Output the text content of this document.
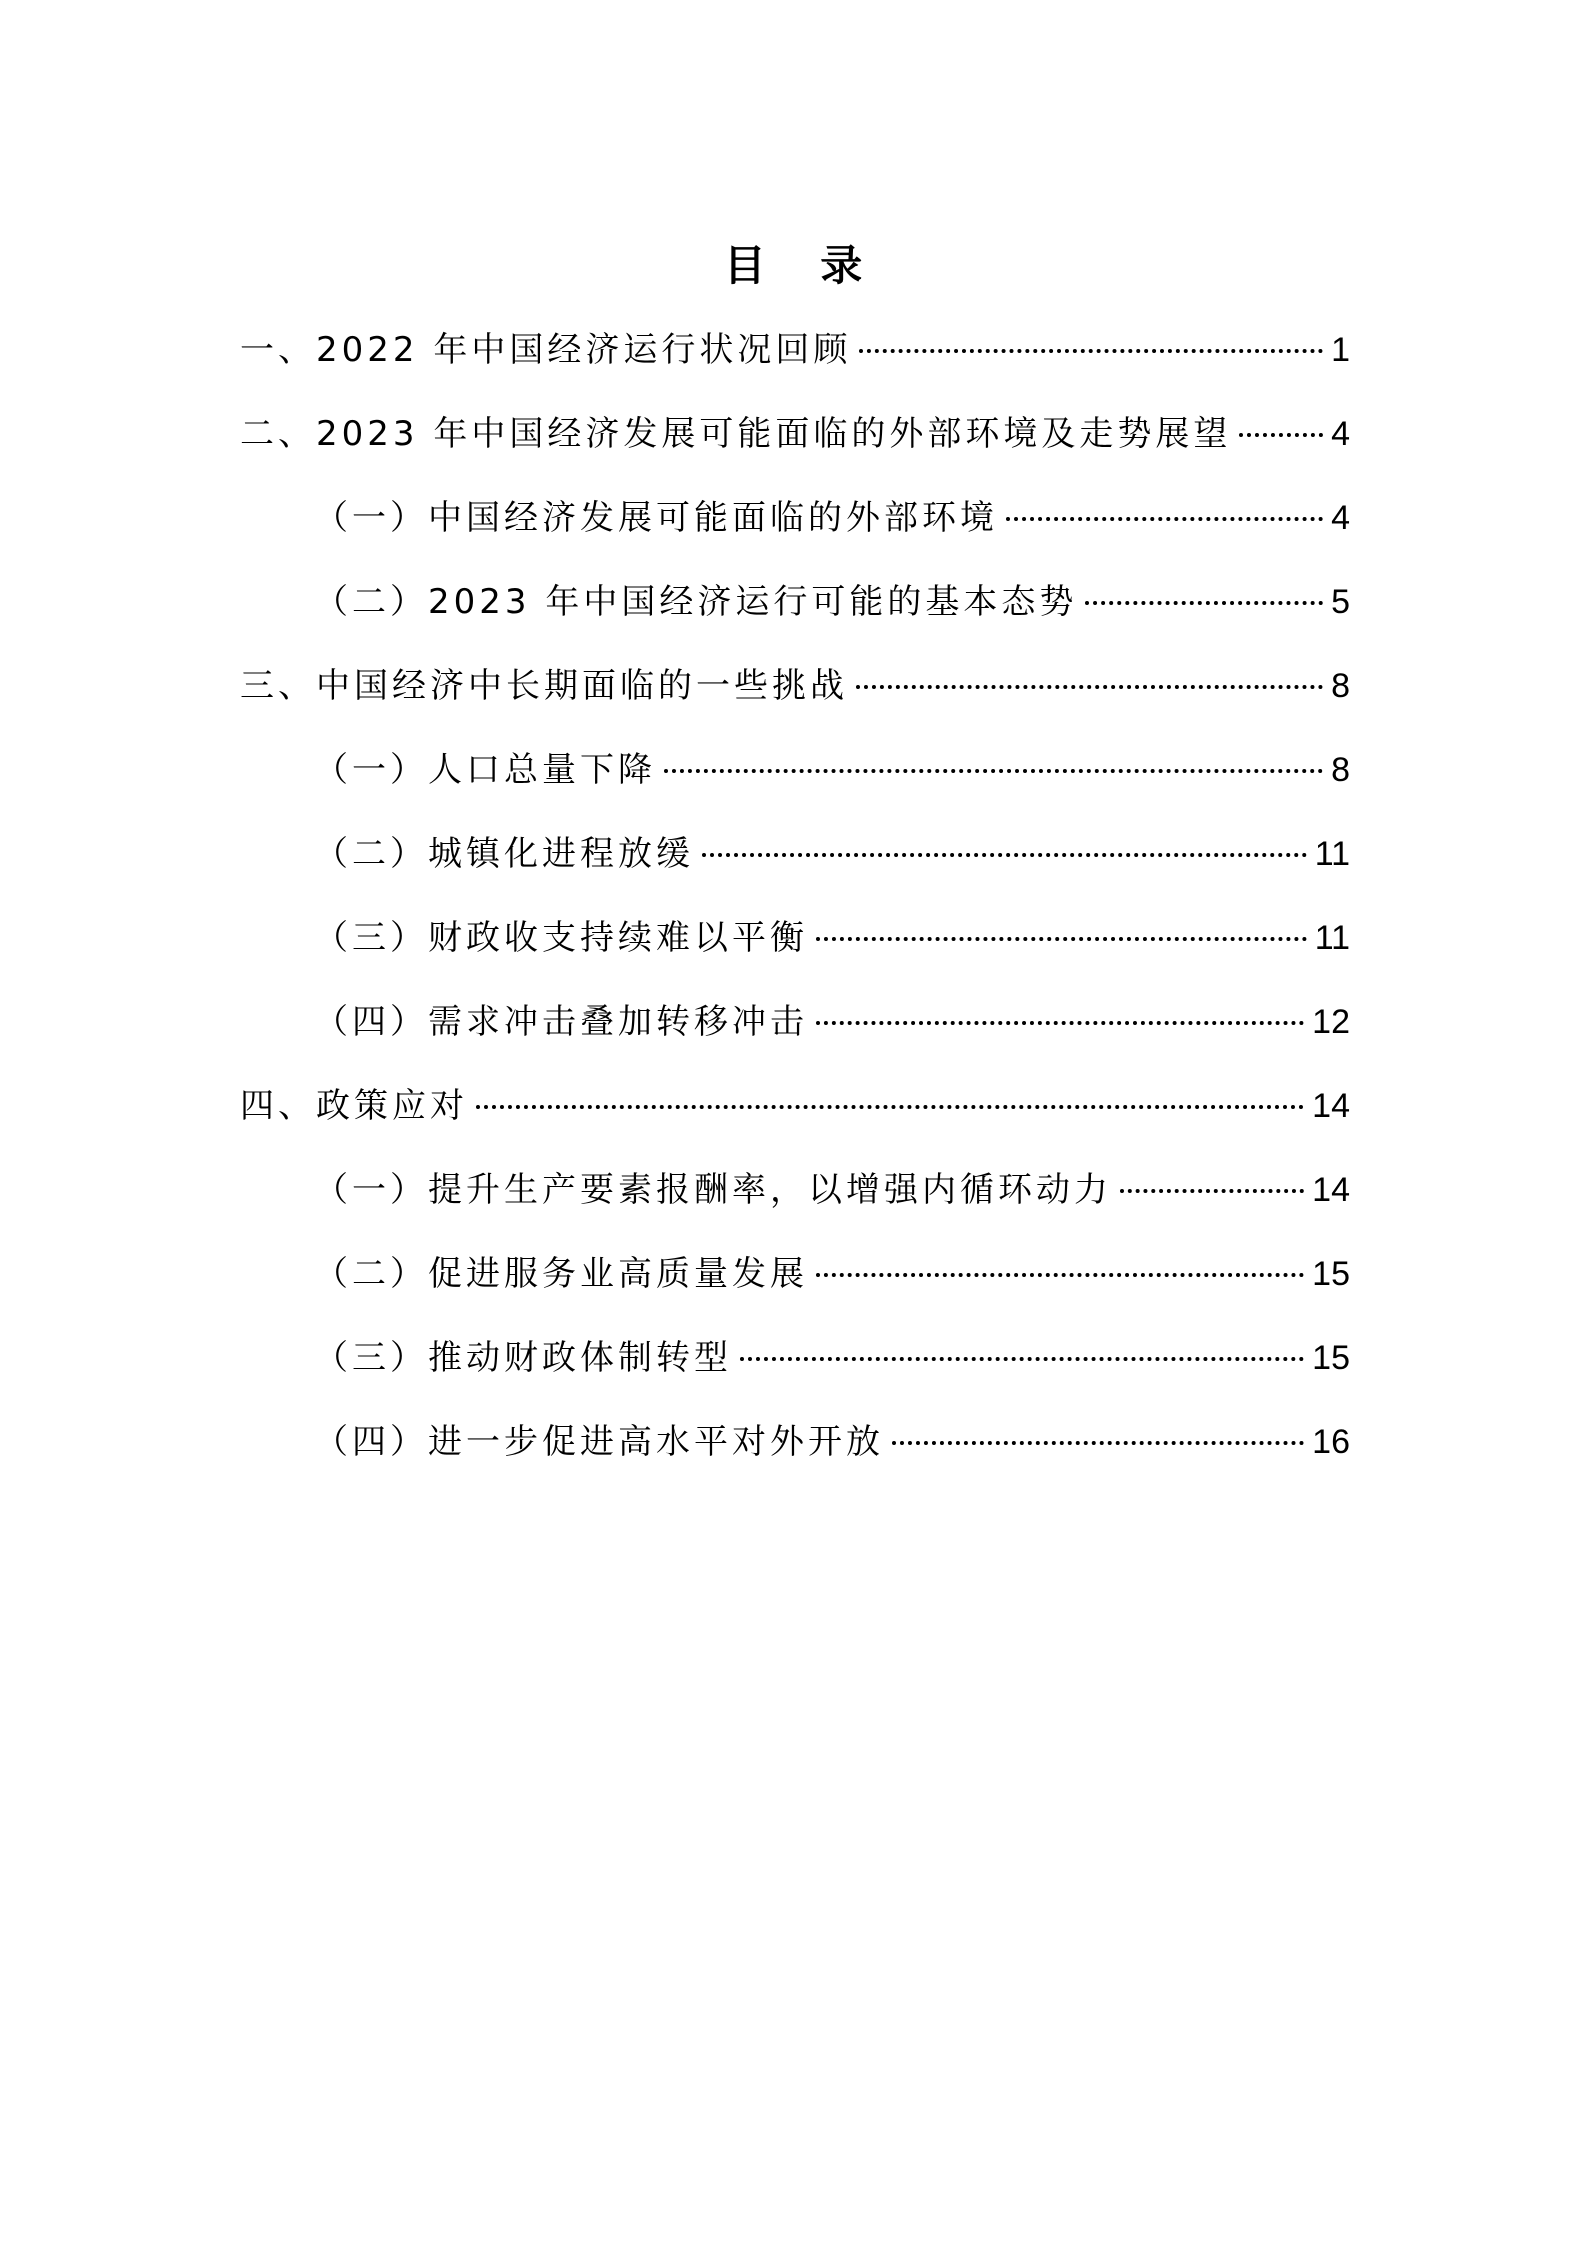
目 录
一、2022 年中国经济运行状况回顾	1
二、2023 年中国经济发展可能面临的外部环境及走势展望	4
（一）中国经济发展可能面临的外部环境	4
（二）2023 年中国经济运行可能的基本态势	5
三、中国经济中长期面临的一些挑战	8
（一）人口总量下降	8
（二）城镇化进程放缓	11
（三）财政收支持续难以平衡	11
（四）需求冲击叠加转移冲击	12
四、政策应对	14
（一）提升生产要素报酬率，以增强内循环动力	14
（二）促进服务业高质量发展	15
（三）推动财政体制转型	15
（四）进一步促进高水平对外开放	16
